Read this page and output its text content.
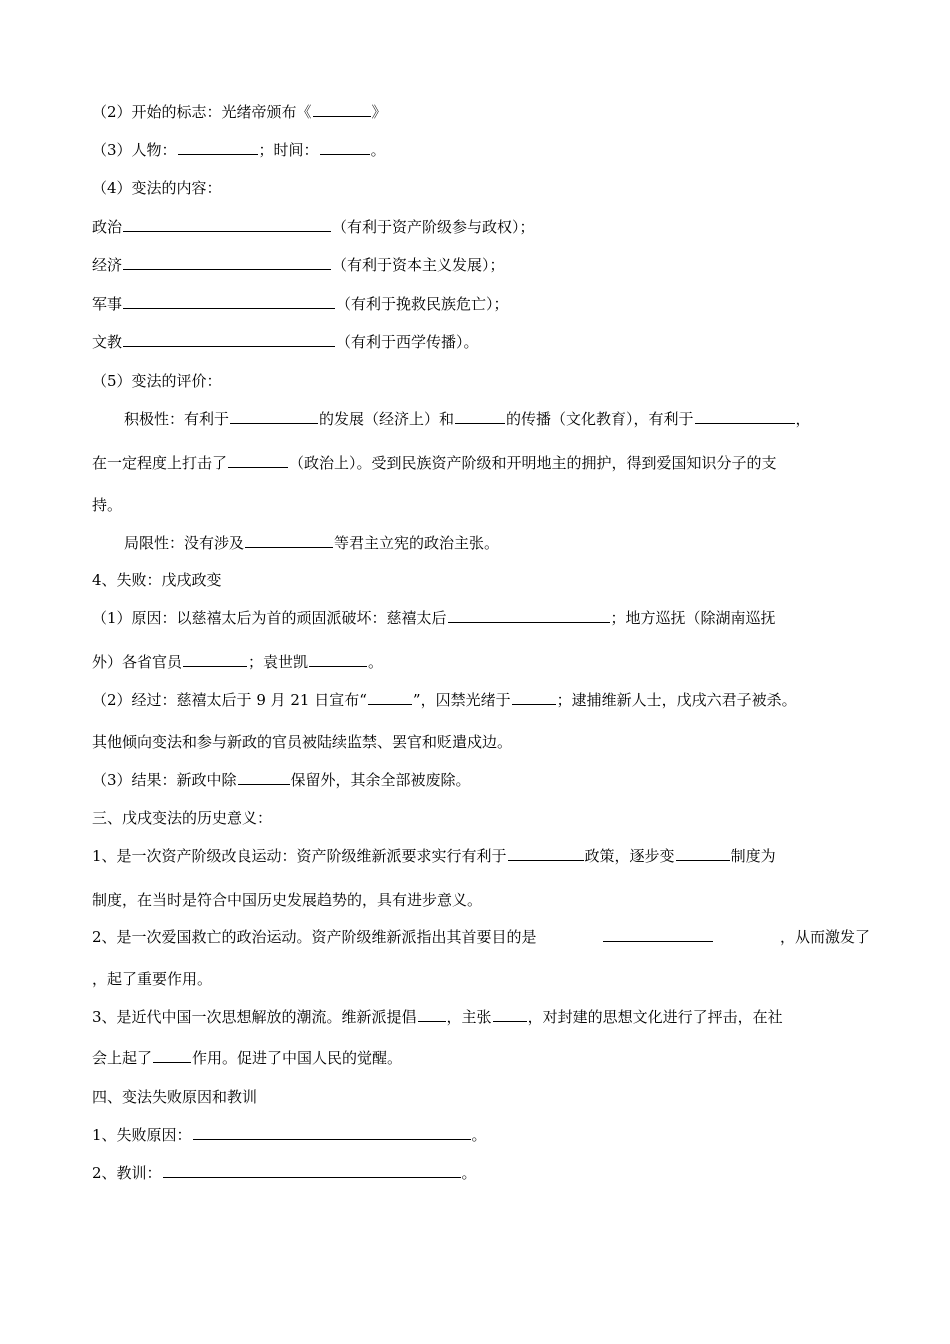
（2）开始的标志：光绪帝颁布《	》
（3）人物：	；时间：	。
（4）变法的内容：
政治	（有利于资产阶级参与政权）；
经济	（有利于资本主义发展）；
军事	（有利于挽救民族危亡）；
文教	（有利于西学传播）。
（5）变法的评价：
积极性：有利于	的发展（经济上）和	的传播（文化教育），有利于	，
在一定程度上打击了	（政治上）。受到民族资产阶级和开明地主的拥护，得到爱国知识分子的支
持。
局限性：没有涉及	等君主立宪的政治主张。
4、失败：戊戌政变
（1）原因：以慈禧太后为首的顽固派破坏：慈禧太后	；地方巡抚（除湖南巡抚
外）各省官员	；袁世凯	。
（2）经过：慈禧太后于 9 月 21 日宣布“	”，囚禁光绪于	；逮捕维新人士，戊戌六君子被杀。
其他倾向变法和参与新政的官员被陆续监禁、罢官和贬遣戍边。
（3）结果：新政中除	保留外，其余全部被废除。
三、戊戌变法的历史意义：
1、是一次资产阶级改良运动：资产阶级维新派要求实行有利于	政策，逐步变	制度为
制度，在当时是符合中国历史发展趋势的，具有进步意义。
2、是一次爱国救亡的政治运动。资产阶级维新派指出其首要目的是	，从而激发了
，起了重要作用。
3、是近代中国一次思想解放的潮流。维新派提倡 ，主张 ，对封建的思想文化进行了抨击，在社
会上起了	作用。促进了中国人民的觉醒。
四、变法失败原因和教训
1、失败原因：	。
2、教训：	。
